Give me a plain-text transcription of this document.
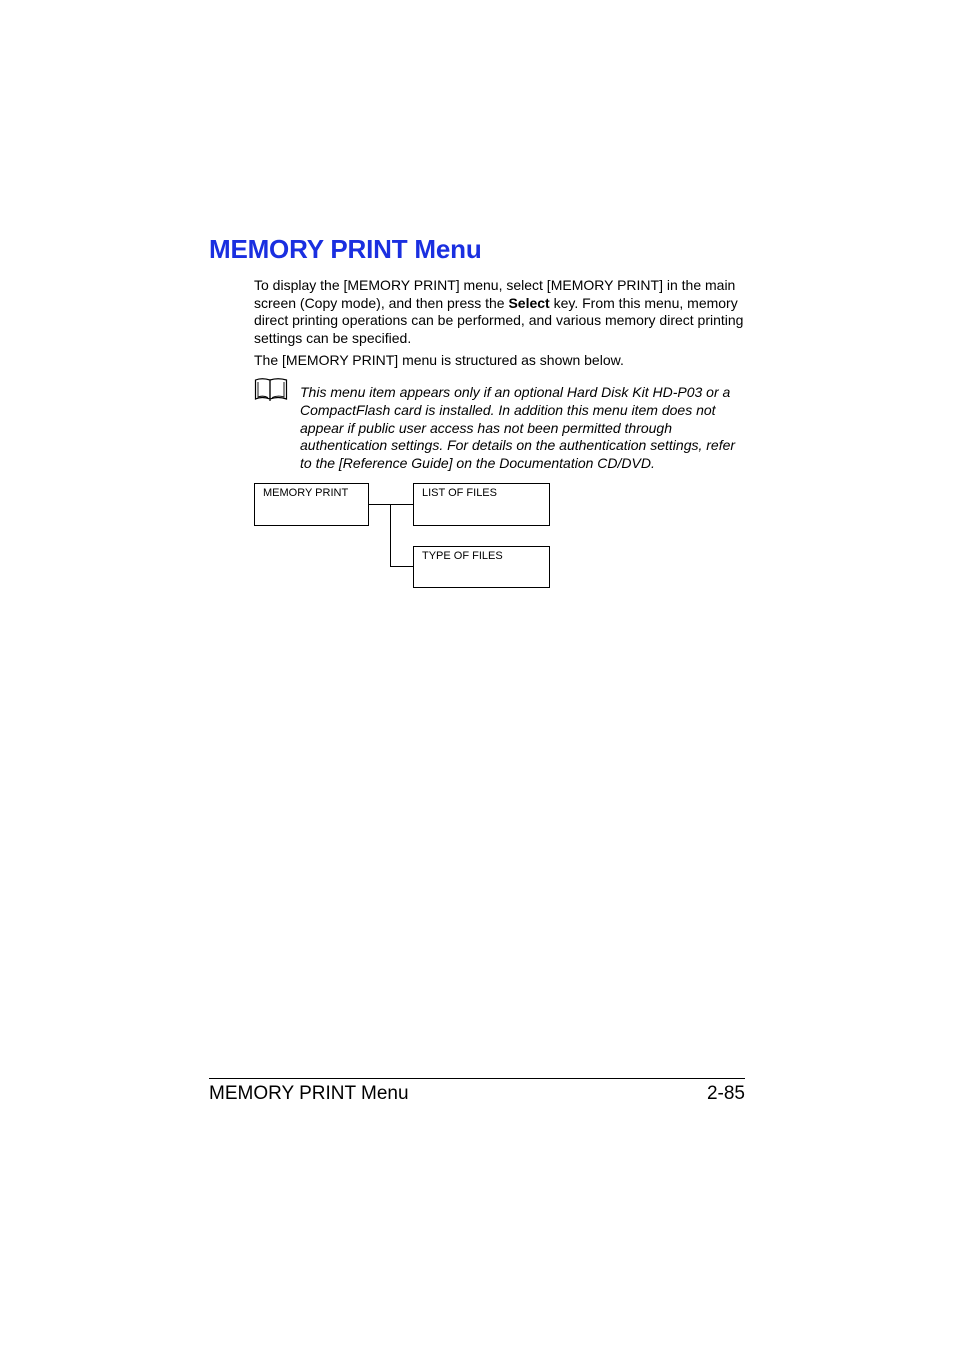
MEMORY PRINT Menu

To display the [MEMORY PRINT] menu, select [MEMORY PRINT] in the main screen (Copy mode), and then press the Select key. From this menu, memory direct printing operations can be performed, and various memory direct printing settings can be specified.

The [MEMORY PRINT] menu is structured as shown below.

This menu item appears only if an optional Hard Disk Kit HD-P03 or a CompactFlash card is installed. In addition this menu item does not appear if public user access has not been permitted through authentication settings. For details on the authentication settings, refer to the [Reference Guide] on the Documentation CD/DVD.

MEMORY PRINT	LIST OF FILES
TYPE OF FILES
MEMORY PRINT Menu	2-85
